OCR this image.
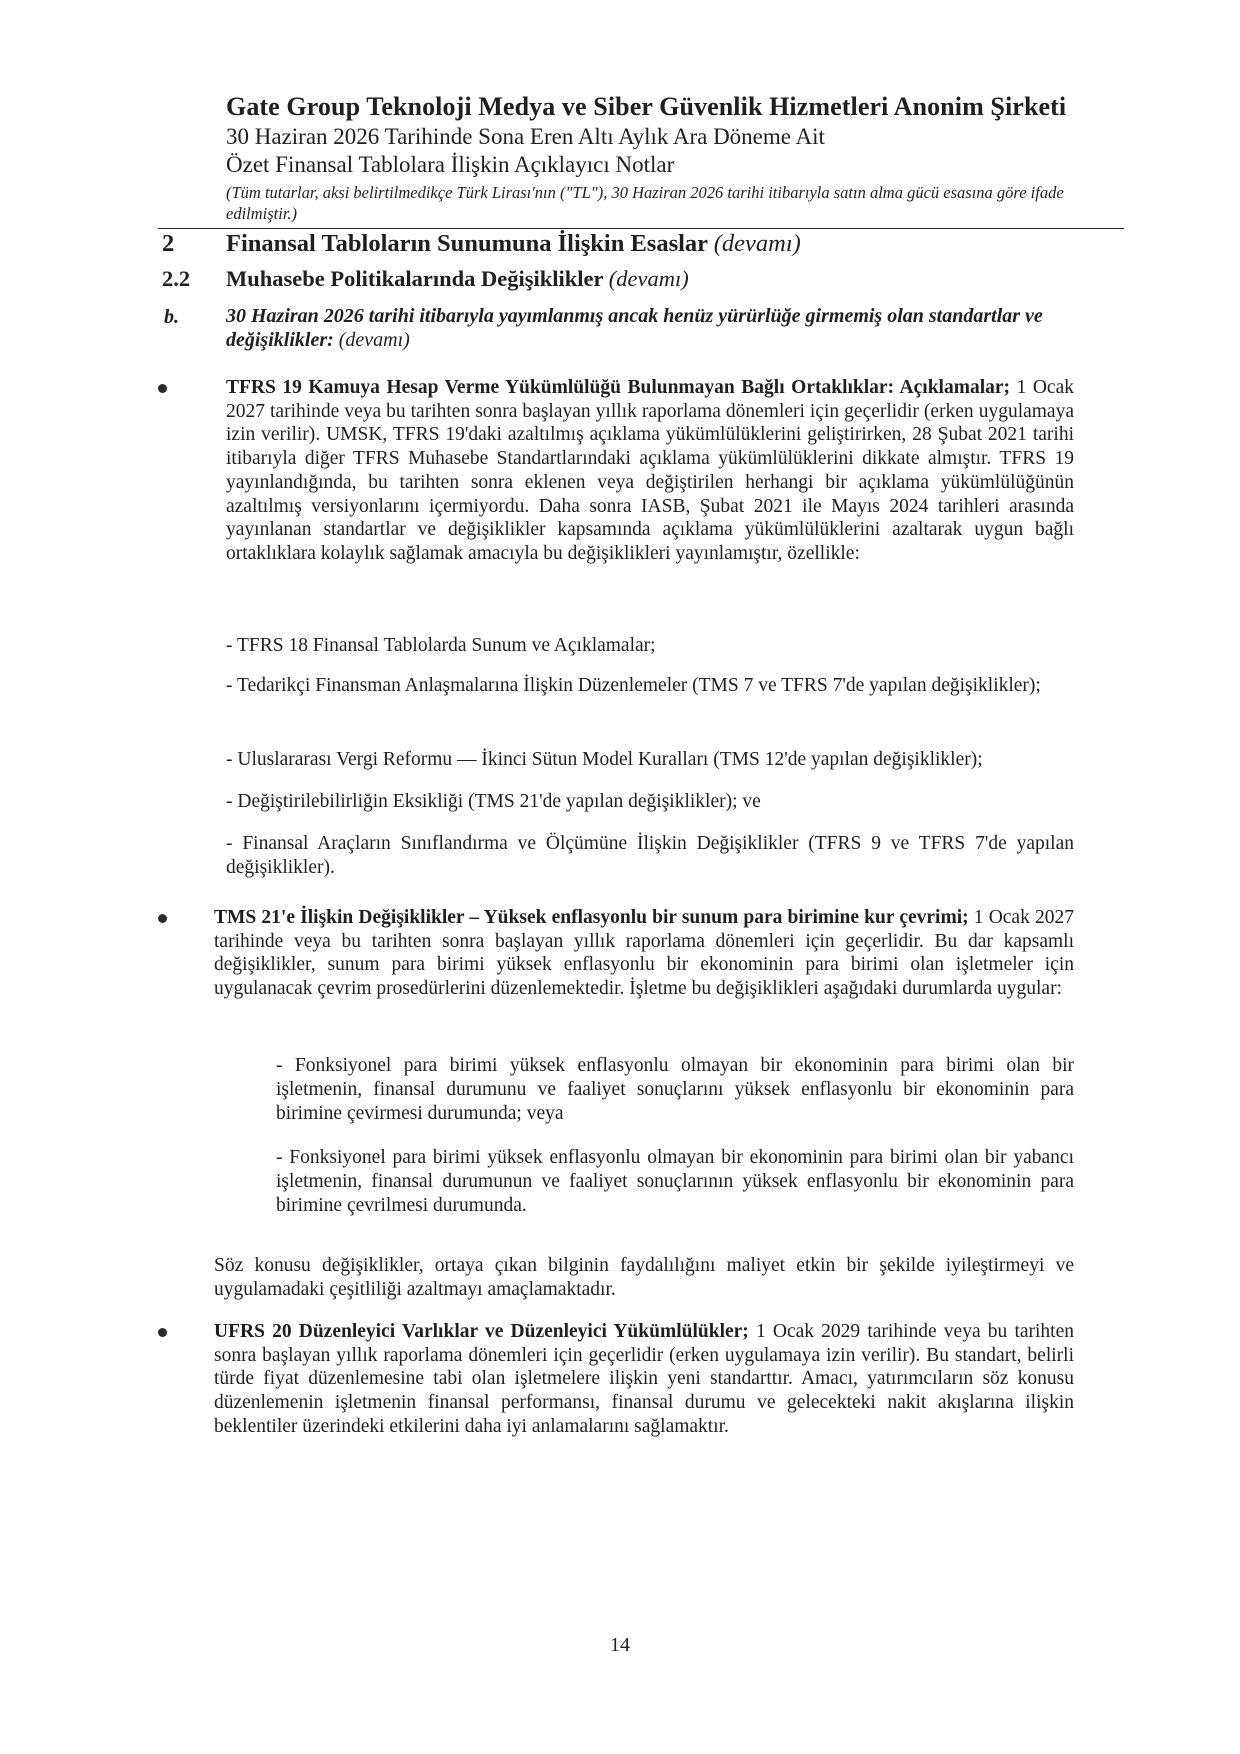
Gate Group Teknoloji Medya ve Siber Güvenlik Hizmetleri Anonim Şirketi
30 Haziran 2026 Tarihinde Sona Eren Altı Aylık Ara Döneme Ait
Özet Finansal Tablolara İlişkin Açıklayıcı Notlar
(Tüm tutarlar, aksi belirtilmedikçe Türk Lirası'nın ("TL"), 30 Haziran 2026 tarihi itibarıyla satın alma gücü esasına göre ifade edilmiştir.)
2 Finansal Tabloların Sunumuna İlişkin Esaslar (devamı)
2.2 Muhasebe Politikalarında Değişiklikler (devamı)
b. 30 Haziran 2026 tarihi itibarıyla yayımlanmış ancak henüz yürürlüğe girmemiş olan standartlar ve değişiklikler: (devamı)
TFRS 19 Kamuya Hesap Verme Yükümlülüğü Bulunmayan Bağlı Ortaklıklar: Açıklamalar; 1 Ocak 2027 tarihinde veya bu tarihten sonra başlayan yıllık raporlama dönemleri için geçerlidir (erken uygulamaya izin verilir). UMSK, TFRS 19'daki azaltılmış açıklama yükümlülüklerini geliştirirken, 28 Şubat 2021 tarihi itibarıyla diğer TFRS Muhasebe Standartlarındaki açıklama yükümlülüklerini dikkate almıştır. TFRS 19 yayınlandığında, bu tarihten sonra eklenen veya değiştirilen herhangi bir açıklama yükümlülüğünün azaltılmış versiyonlarını içermiyordu. Daha sonra IASB, Şubat 2021 ile Mayıs 2024 tarihleri arasında yayınlanan standartlar ve değişiklikler kapsamında açıklama yükümlülüklerini azaltarak uygun bağlı ortaklıklara kolaylık sağlamak amacıyla bu değişiklikleri yayınlamıştır, özellikle:
- TFRS 18 Finansal Tablolarda Sunum ve Açıklamalar;
- Tedarikçi Finansman Anlaşmalarına İlişkin Düzenlemeler (TMS 7 ve TFRS 7'de yapılan değişiklikler);
- Uluslararası Vergi Reformu — İkinci Sütun Model Kuralları (TMS 12'de yapılan değişiklikler);
- Değiştirilebilirliğin Eksikliği (TMS 21'de yapılan değişiklikler); ve
- Finansal Araçların Sınıflandırma ve Ölçümüne İlişkin Değişiklikler (TFRS 9 ve TFRS 7'de yapılan değişiklikler).
TMS 21'e İlişkin Değişiklikler – Yüksek enflasyonlu bir sunum para birimine kur çevrimi; 1 Ocak 2027 tarihinde veya bu tarihten sonra başlayan yıllık raporlama dönemleri için geçerlidir. Bu dar kapsamlı değişiklikler, sunum para birimi yüksek enflasyonlu bir ekonominin para birimi olan işletmeler için uygulanacak çevrim prosedürlerini düzenlemektedir. İşletme bu değişiklikleri aşağıdaki durumlarda uygular:
- Fonksiyonel para birimi yüksek enflasyonlu olmayan bir ekonominin para birimi olan bir işletmenin, finansal durumunu ve faaliyet sonuçlarını yüksek enflasyonlu bir ekonominin para birimine çevirmesi durumunda; veya
- Fonksiyonel para birimi yüksek enflasyonlu olmayan bir ekonominin para birimi olan bir yabancı işletmenin, finansal durumunun ve faaliyet sonuçlarının yüksek enflasyonlu bir ekonominin para birimine çevrilmesi durumunda.
Söz konusu değişiklikler, ortaya çıkan bilginin faydalılığını maliyet etkin bir şekilde iyileştirmeyi ve uygulamadaki çeşitliliği azaltmayı amaçlamaktadır.
UFRS 20 Düzenleyici Varlıklar ve Düzenleyici Yükümlülükler; 1 Ocak 2029 tarihinde veya bu tarihten sonra başlayan yıllık raporlama dönemleri için geçerlidir (erken uygulamaya izin verilir). Bu standart, belirli türde fiyat düzenlemesine tabi olan işletmelere ilişkin yeni standarttır. Amacı, yatırımcıların söz konusu düzenlemenin işletmenin finansal performansı, finansal durumu ve gelecekteki nakit akışlarına ilişkin beklentiler üzerindeki etkilerini daha iyi anlamalarını sağlamaktır.
14
